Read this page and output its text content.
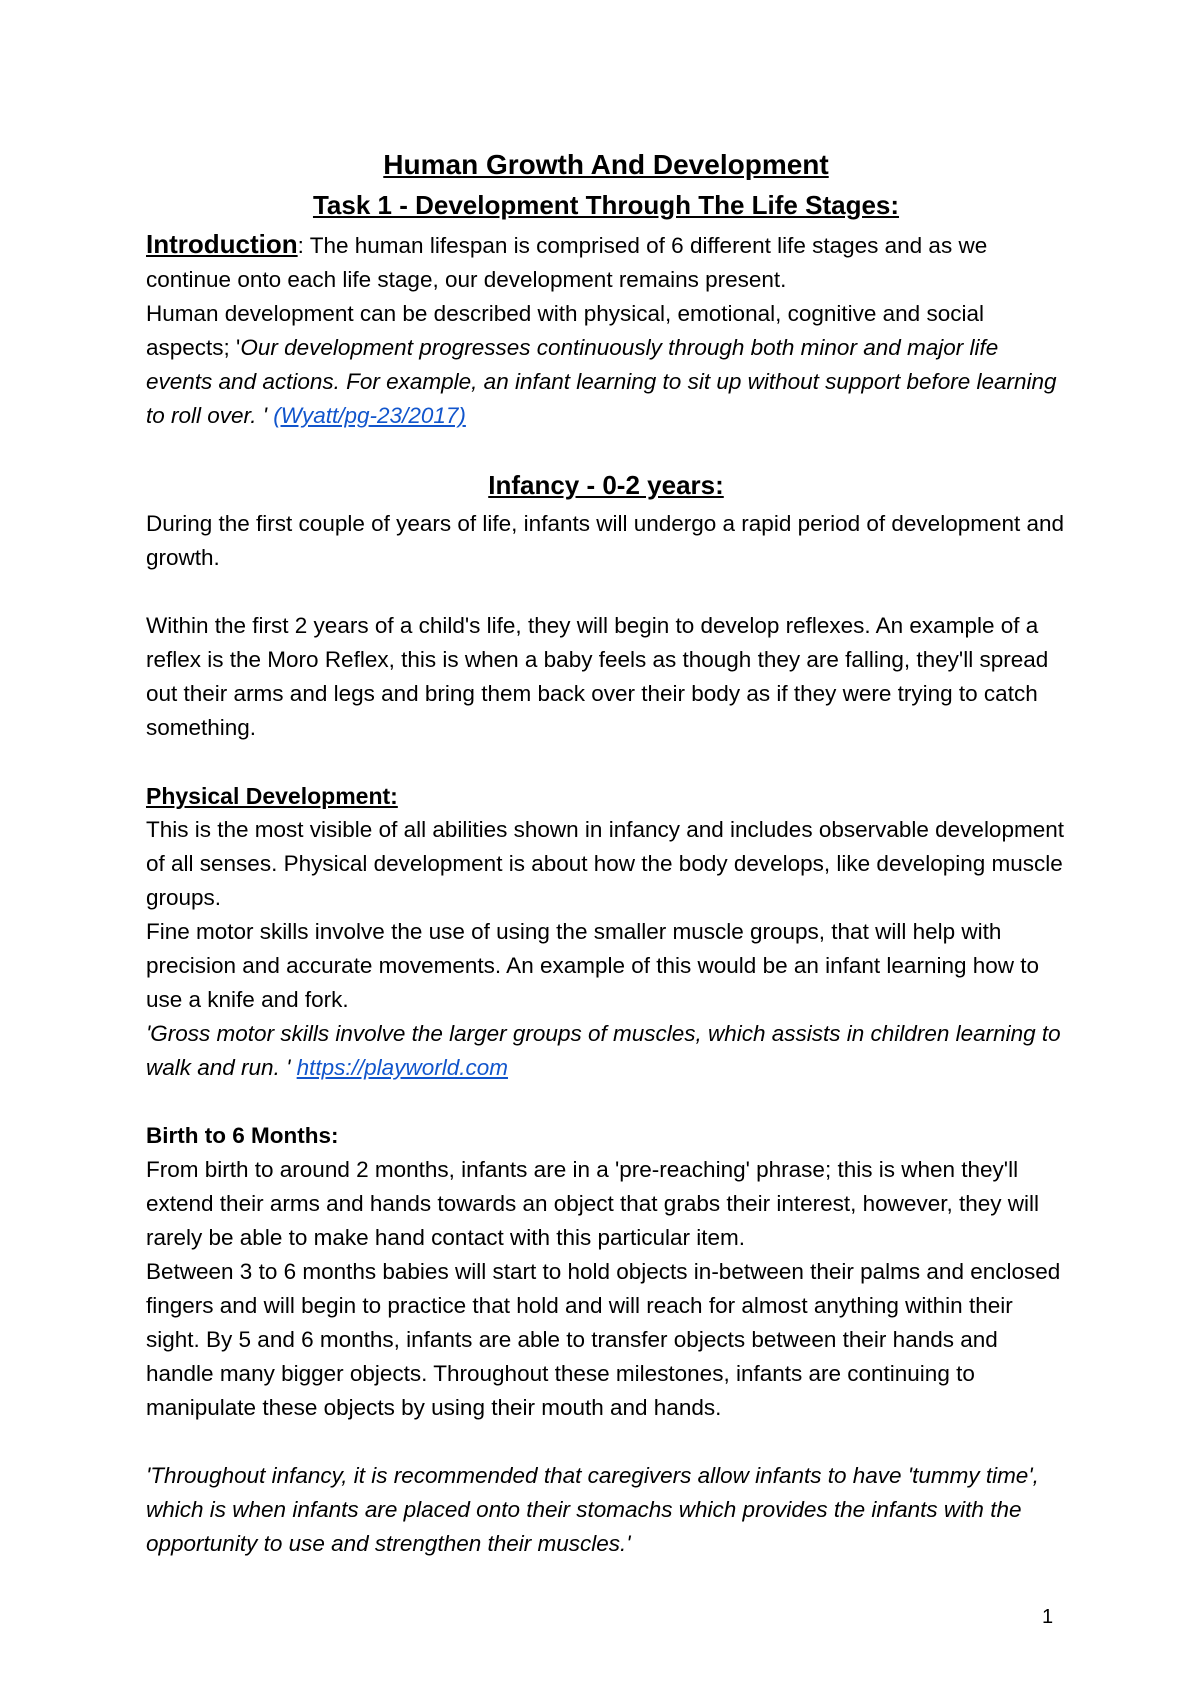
Human Growth And Development
Task 1 - Development Through The Life Stages:

Introduction: The human lifespan is comprised of 6 different life stages and as we continue onto each life stage, our development remains present.

Human development can be described with physical, emotional, cognitive and social aspects; 'Our development progresses continuously through both minor and major life events and actions. For example, an infant learning to sit up without support before learning to roll over. ' (Wyatt/pg-23/2017)

Infancy - 0-2 years:

During the first couple of years of life, infants will undergo a rapid period of development and growth.

Within the first 2 years of a child's life, they will begin to develop reflexes. An example of a reflex is the Moro Reflex, this is when a baby feels as though they are falling, they'll spread out their arms and legs and bring them back over their body as if they were trying to catch something.

Physical Development:

This is the most visible of all abilities shown in infancy and includes observable development of all senses. Physical development is about how the body develops, like developing muscle groups.

Fine motor skills involve the use of using the smaller muscle groups, that will help with precision and accurate movements. An example of this would be an infant learning how to use a knife and fork.

'Gross motor skills involve the larger groups of muscles, which assists in children learning to walk and run. ' https://playworld.com

Birth to 6 Months:

From birth to around 2 months, infants are in a 'pre-reaching' phrase; this is when they'll extend their arms and hands towards an object that grabs their interest, however, they will rarely be able to make hand contact with this particular item.

Between 3 to 6 months babies will start to hold objects in-between their palms and enclosed fingers and will begin to practice that hold and will reach for almost anything within their sight. By 5 and 6 months, infants are able to transfer objects between their hands and handle many bigger objects. Throughout these milestones, infants are continuing to manipulate these objects by using their mouth and hands.

'Throughout infancy, it is recommended that caregivers allow infants to have 'tummy time', which is when infants are placed onto their stomachs which provides the infants with the opportunity to use and strengthen their muscles.'

1
